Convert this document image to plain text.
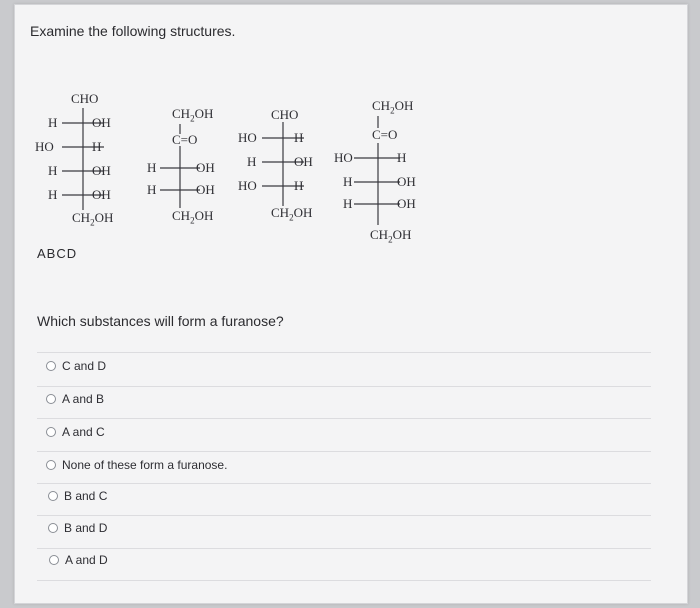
Examine the following structures.
CHO
H	OH
HO	H
H	OH
H	OH
$CH_2OH$
$CH_2OH$
C=O
H	OH
H	OH
$CH_2OH$
CHO
HO	H
H	OH
HO	H
$CH_2OH$
$CH_2OH$
C=O
HO	H
H	OH
H	OH
$CH_2OH$
ABCD
Which substances will form a furanose?
C and D
A and B
A and C
None of these form a furanose.
B and C
B and D
A and D
